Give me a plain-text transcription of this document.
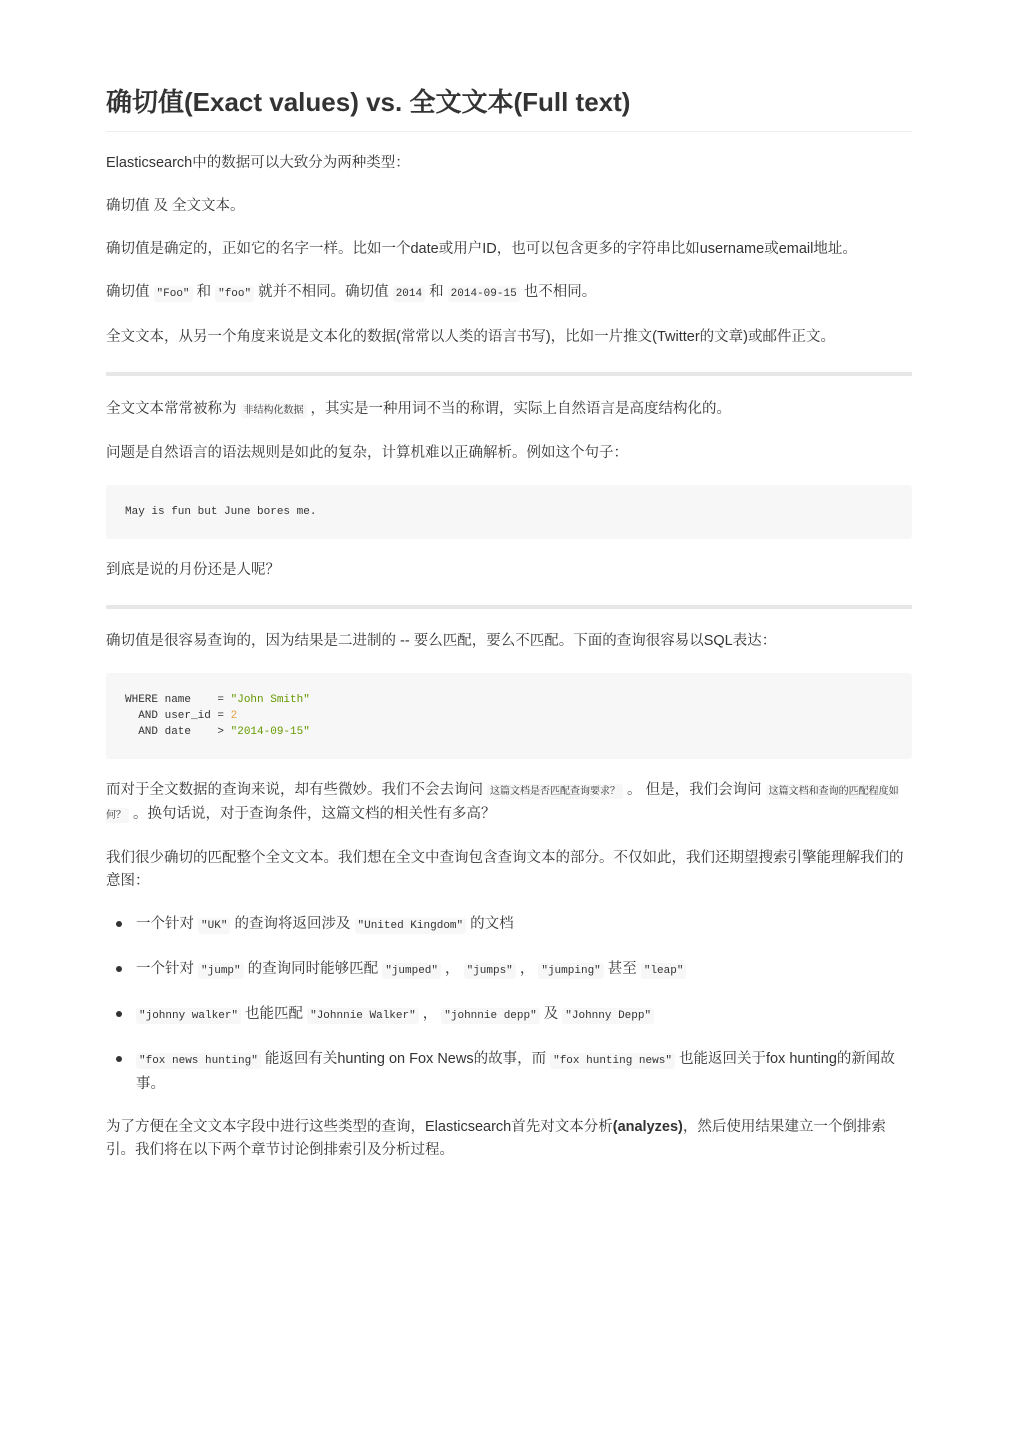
确切值(Exact values) vs. 全文文本(Full text)

Elasticsearch中的数据可以大致分为两种类型：

确切值 及 全文文本。

确切值是确定的，正如它的名字一样。比如一个date或用户ID，也可以包含更多的字符串比如username或email地址。

确切值 "Foo" 和 "foo" 就并不相同。确切值 2014 和 2014-09-15 也不相同。

全文文本，从另一个角度来说是文本化的数据(常常以人类的语言书写)，比如一片推文(Twitter的文章)或邮件正文。

全文文本常常被称为 非结构化数据 ，其实是一种用词不当的称谓，实际上自然语言是高度结构化的。

问题是自然语言的语法规则是如此的复杂，计算机难以正确解析。例如这个句子：

May is fun but June bores me.

到底是说的月份还是人呢？

确切值是很容易查询的，因为结果是二进制的 -- 要么匹配，要么不匹配。下面的查询很容易以SQL表达：

WHERE name    = "John Smith"
AND user_id = 2
AND date    > "2014-09-15"

而对于全文数据的查询来说，却有些微妙。我们不会去询问 这篇文档是否匹配查询要求？ 。 但是，我们会询问 这篇文档和查询的匹配程度如何？ 。换句话说，对于查询条件，这篇文档的相关性有多高？

我们很少确切的匹配整个全文文本。我们想在全文中查询包含查询文本的部分。不仅如此，我们还期望搜索引擎能理解我们的意图：

一个针对 "UK" 的查询将返回涉及 "United Kingdom" 的文档
一个针对 "jump" 的查询同时能够匹配 "jumped" ， "jumps" ， "jumping" 甚至 "leap"
"johnny walker" 也能匹配 "Johnnie Walker" ， "johnnie depp" 及 "Johnny Depp"
"fox news hunting" 能返回有关hunting on Fox News的故事，而 "fox hunting news" 也能返回关于fox hunting的新闻故事。

为了方便在全文文本字段中进行这些类型的查询，Elasticsearch首先对文本分析(analyzes)，然后使用结果建立一个倒排索引。我们将在以下两个章节讨论倒排索引及分析过程。
